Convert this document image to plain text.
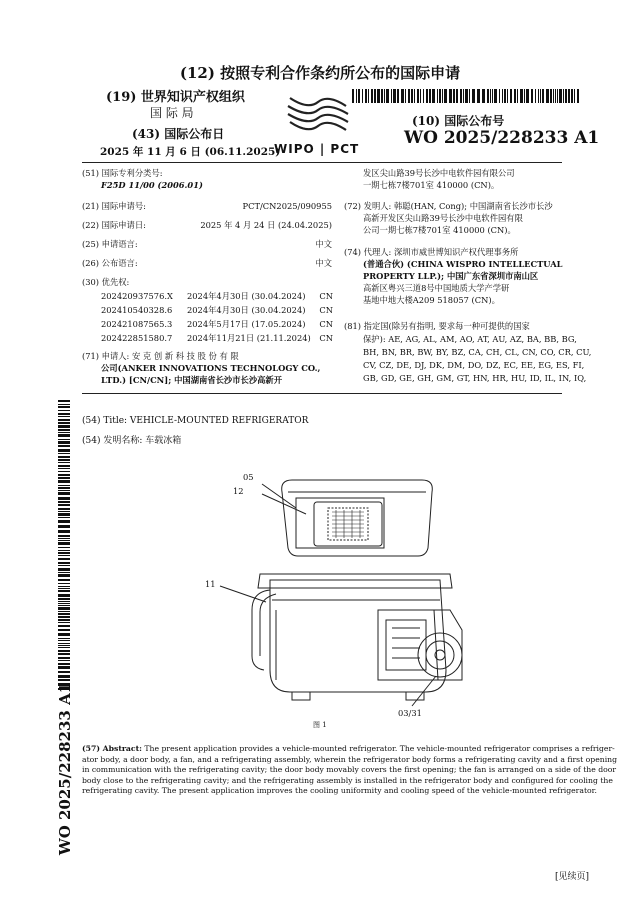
(12) 按照专利合作条约所公布的国际申请
(19) 世界知识产权组织
国 际 局
(43) 国际公布日
2025 年 11 月 6 日 (06.11.2025)
WIPO | PCT
(10) 国际公布号
WO 2025/228233 A1
(51) 国际专利分类号:
F25D 11/00 (2006.01)
(21) 国际申请号:	PCT/CN2025/090955
(22) 国际申请日:	2025 年 4 月 24 日 (24.04.2025)
(25) 申请语言:	中文
(26) 公布语言:	中文
(30) 优先权:
202420937576.X 2024年4月30日 (30.04.2024) CN
202410540328.6 2024年4月30日 (30.04.2024) CN
202421087565.3 2024年5月17日 (17.05.2024) CN
202422851580.7 2024年11月21日 (21.11.2024) CN
(71) 申请人: 安 克 创 新 科 技 股 份 有 限
公司(ANKER INNOVATIONS TECHNOLOGY CO.,
LTD.) [CN/CN]; 中国湖南省长沙市长沙高新开
发区尖山路39号长沙中电软件园有限公司
一期七栋7楼701室 410000 (CN)。
(72) 发明人: 韩聪(HAN, Cong); 中国湖南省长沙市长沙
高新开发区尖山路39号长沙中电软件园有限
公司一期七栋7楼701室 410000 (CN)。
(74) 代理人: 深圳市威世博知识产权代理事务所
(普通合伙) (CHINA WISPRO INTELLECTUAL
PROPERTY LLP.); 中国广东省深圳市南山区
高新区粤兴三道8号中国地质大学产学研
基地中地大楼A209 518057 (CN)。
(81) 指定国(除另有指明, 要求每一种可提供的国家
保护): AE, AG, AL, AM, AO, AT, AU, AZ, BA, BB, BG,
BH, BN, BR, BW, BY, BZ, CA, CH, CL, CN, CO, CR, CU,
CV, CZ, DE, DJ, DK, DM, DO, DZ, EC, EE, EG, ES, FI,
GB, GD, GE, GH, GM, GT, HN, HR, HU, ID, IL, IN, IQ,
(54) Title: VEHICLE-MOUNTED REFRIGERATOR
(54) 发明名称: 车载冰箱
05
12
11
03/31
图 1
(57) Abstract: The present application provides a vehicle-mounted refrigerator. The vehicle-mounted refrigerator comprises a refriger-
ator body, a door body, a fan, and a refrigerating assembly, wherein the refrigerator body forms a refrigerating cavity and a first opening
in communication with the refrigerating cavity; the door body movably covers the first opening; the fan is arranged on a side of the door
body close to the refrigerating cavity; and the refrigerating assembly is installed in the refrigerator body and configured for cooling the
refrigerating cavity. The present application improves the cooling uniformity and cooling speed of the vehicle-mounted refrigerator.
WO 2025/228233 A1
[见续页]
